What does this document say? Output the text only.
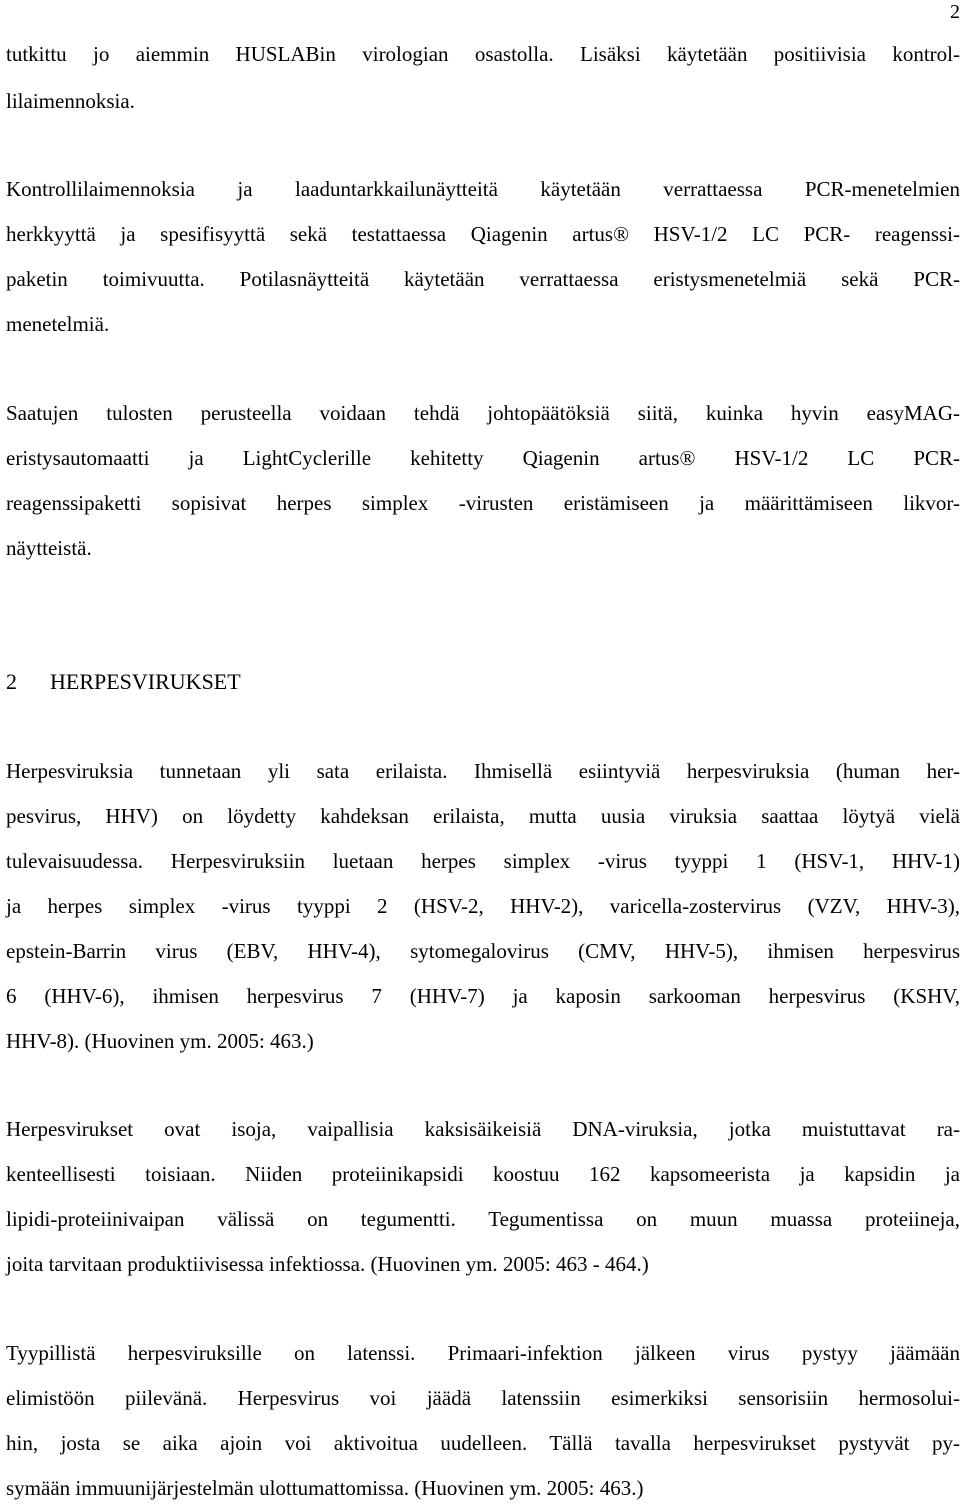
2
tutkittu jo aiemmin HUSLABin virologian osastolla. Lisäksi käytetään positiivisia kontrol-
lilaimennoksia.
Kontrollilaimennoksia ja laaduntarkkailunäytteitä käytetään verrattaessa PCR-menetelmien
herkkyyttä ja spesifisyyttä sekä testattaessa Qiagenin artus® HSV-1/2 LC PCR- reagenssi-
paketin toimivuutta. Potilasnäytteitä käytetään verrattaessa eristysmenetelmiä sekä PCR-
menetelmiä.
Saatujen tulosten perusteella voidaan tehdä johtopäätöksiä siitä, kuinka hyvin easyMAG-
eristysautomaatti ja LightCyclerille kehitetty Qiagenin artus® HSV-1/2 LC PCR-
reagenssipaketti sopisivat herpes simplex -virusten eristämiseen ja määrittämiseen likvor-
näytteistä.
2 HERPESVIRUKSET
Herpesviruksia tunnetaan yli sata erilaista. Ihmisellä esiintyviä herpesviruksia (human her-
pesvirus, HHV) on löydetty kahdeksan erilaista, mutta uusia viruksia saattaa löytyä vielä
tulevaisuudessa. Herpesviruksiin luetaan herpes simplex -virus tyyppi 1 (HSV-1, HHV-1)
ja herpes simplex -virus tyyppi 2 (HSV-2, HHV-2), varicella-zostervirus (VZV, HHV-3),
epstein-Barrin virus (EBV, HHV-4), sytomegalovirus (CMV, HHV-5), ihmisen herpesvirus
6 (HHV-6), ihmisen herpesvirus 7 (HHV-7) ja kaposin sarkooman herpesvirus (KSHV,
HHV-8). (Huovinen ym. 2005: 463.)
Herpesvirukset ovat isoja, vaipallisia kaksisäikeisiä DNA-viruksia, jotka muistuttavat ra-
kenteellisesti toisiaan. Niiden proteiinikapsidi koostuu 162 kapsomeerista ja kapsidin ja
lipidi-proteiinivaipan välissä on tegumentti. Tegumentissa on muun muassa proteiineja,
joita tarvitaan produktiivisessa infektiossa. (Huovinen ym. 2005: 463 - 464.)
Tyypillistä herpesviruksille on latenssi. Primaari-infektion jälkeen virus pystyy jäämään
elimistöön piilevänä. Herpesvirus voi jäädä latenssiin esimerkiksi sensorisiin hermosolui-
hin, josta se aika ajoin voi aktivoitua uudelleen. Tällä tavalla herpesvirukset pystyvät py-
symään immuunijärjestelmän ulottumattomissa. (Huovinen ym. 2005: 463.)
